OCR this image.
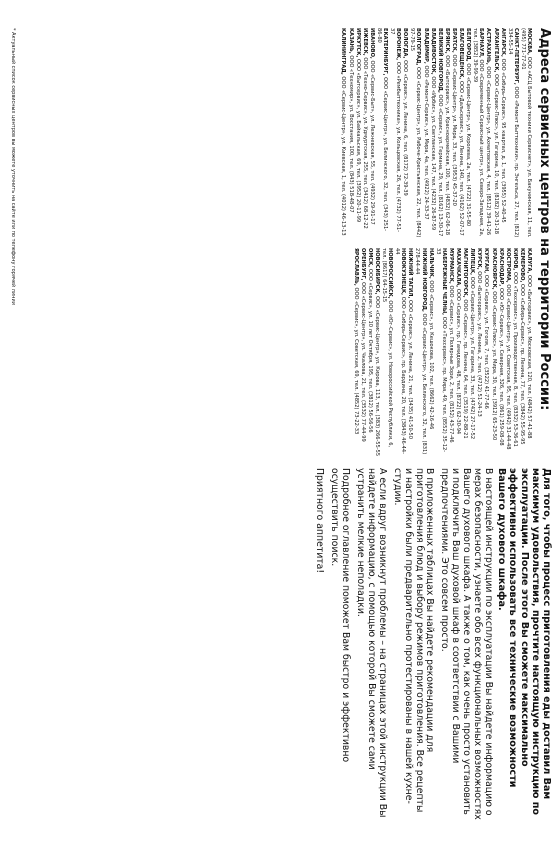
Адреса сервисных центров на территории России:

МОСКВА, ООО «АСЦ Бытовой техники Сервиснет», ул. Бакунинская, 11, тел. (495) 771-77-01

САНКТ-ПЕТЕРБУРГ, ООО «Ремонт Быттехники», пр. Энгельса, 27, тел. (812) 334-55-14

АНГАРСК, ООО «Сибирь-Сервис», 95 квартал, д. 1, тел. (3955) 52-40-45

АРХАНГЕЛЬСК, ООО «Сервис-Плюс», ул. Гагарина, 10, тел. (8182) 20-31-18

АСТРАХАНЬ, ООО «Сервис-Центр», ул. Ахматовская, 4, тел. (8512) 39-41-26

БАРНАУЛ, ООО «Современный Сервисный центр», ул. Северо-Западная, 2а, тел. (3852) 39-99-39

БЕЛГОРОД, ООО «Сервис-Центр», ул. Королева, 2а, тел. (4722) 31-55-80

БЛАГОВЕЩЕНСК, ООО «Дальсервис», ул. Ленина, 140, тел. (4162) 52-07-17

БРАТСК, ООО «Сервис-Центр», ул. Мира, 33, тел. (3953) 45-37-20

БРЯНСК, ООО «Бытсервис», ул. Красноармейская, 100, тел. (4832) 62-06-18

ВЕЛИКИЙ НОВГОРОД, ООО «Сервис», ул. Германа, 29, тел. (8162) 13-30-17

ВЛАДИВОСТОК, ООО «Ирбис», ул. Светланская, 147, тел. (4232) 26-87-59

ВЛАДИМИР, ООО «Ремонт-Сервис», ул. Мира, 4а, тел. (4922) 24-33-37

ВОЛГОГРАД, ООО «Сервис-Центр», ул. Рабоче-Крестьянская, 22, тел. (8442) 97-79-15

ВОЛОГДА, ООО «Сервис», ул. Ленина, 6, тел. (8172) 72-39-39

ВОРОНЕЖ, ООО «Рембыттехника», ул. Кольцовская, 26, тел. (4732) 77-51-37

ЕКАТЕРИНБУРГ, ООО «Сервис-Центр», ул. Белинского, 32, тел. (343) 251-86-80

ИВАНОВО, ООО «Сервис-Быт», ул. Лежневская, 55, тел. (4932) 29-91-17

ИЖЕВСК, ООО «Техно-Сервис», ул. Удмуртская, 255, тел. (3412) 68-12-22

ИРКУТСК, ООО «Бытсервис», ул. Байкальская, 69, тел. (3952) 20-11-99

КАЗАНЬ, ООО «Техномир», ул. Восстания, 100, тел. (843) 518-48-07

КАЛИНИНГРАД, ООО «Сервис-Центр», ул. Киевская, 1, тел. (4012) 46-13-13

КАЛУГА, ООО «Бытсервис», ул. Московская, 120, тел. (4842) 57-41-88

КЕМЕРОВО, ООО «Сибирь-Сервис», пр. Ленина, 77, тел. (3842) 55-95-95

КИРОВ, ООО «Техсервис», ул. Производственная, 8, тел. (8332) 53-36-61

КОСТРОМА, ООО «Сервис-Центр», ул. Советская, 95, тел. (4942) 31-44-48

КРАСНОДАР, ООО «Юг-Сервис», ул. Северная, 326, тел. (861) 259-08-08

КРАСНОЯРСК, ООО «Сервис-Плюс», ул. Мира, 30, тел. (3912) 65-23-50

КУРГАН, ООО «Сервис», ул. Гоголя, 7, тел. (3522) 41-77-66

КУРСК, ООО «Бытсервис», ул. Ленина, 2, тел. (4712) 51-24-13

ЛИПЕЦК, ООО «Сервис-Центр», ул. Гагарина, 33, тел. (4742) 27-17-52

МАГНИТОГОРСК, ООО «Сервис», пр. Ленина, 64, тел. (3519) 22-88-21

МАХАЧКАЛА, ООО «Сервис», пр. Гамидова, 48, тел. (8722) 62-30-94

МУРМАНСК, ООО «Сервис», ул. Полярные Зори, 2, тел. (8152) 43-77-46

НАБЕРЕЖНЫЕ ЧЕЛНЫ, ООО «Техсервис», пр. Мира, 49, тел. (8552) 35-12-33

НАЛЬЧИК, ООО «Сервис», ул. Кешокова, 102, тел. (8662) 42-16-46

НИЖНИЙ НОВГОРОД, ООО «Сервис-Центр», ул. Белинского, 32, тел. (831) 278-44-44

НИЖНИЙ ТАГИЛ, ООО «Сервис», ул. Ленина, 21, тел. (3435) 41-50-50

НОВОКУЗНЕЦК, ООО «Сибирь-Сервис», пр. Бардина, 20, тел. (3843) 46-44-44

НОВОРОССИЙСК, ООО «Юг-Сервис», ул. Новороссийской Республики, 6, тел. (8617) 64-15-15

НОВОСИБИРСК, ООО «Сервис-Центр», ул. Кирова, 113, тел. (383) 266-55-55

ОМСК, ООО «Сервис», ул. 10 лет Октября, 195, тел. (3812) 56-56-56

ОРЕНБУРГ, ООО «Сервис-Центр», ул. Чкалова, 21, тел. (3532) 77-44-99

ЯРОСЛАВЛЬ, ООО «Сервис», ул. Советская, 69, тел. (4852) 73-22-33

* Актуальный список сервисных центров вы можете уточнить на сайте или по телефону горячей линии

Для того, чтобы процесс приготовления еды доставил Вам максимум удовольствия, прочтите настоящую инструкцию по эксплуатации. После этого Вы сможете максимально эффективно использовать все технические возможности Вашего духового шкафа.

В настоящей инструкции по эксплуатации Вы найдете информацию о мерах безопасности, узнаете обо всех функциональных возможностях Вашего духового шкафа. А также о том, как очень просто установить и подключить Ваш духовой шкаф в соответствии с Вашими предпочтениями. Это совсем просто.

В приложенных таблицах Вы найдете рекомендации для приготовления блюд и выбору режимов приготовления. Все рецепты и настройки были предварительно протестированы в нашей кухне-студии.

А если вдруг возникнут проблемы – на страницах этой инструкции Вы найдете информацию, с помощью которой Вы сможете сами устранить мелкие неполадки.

Подробное оглавление поможет Вам быстро и эффективно осуществить поиск.

Приятного аппетита!
